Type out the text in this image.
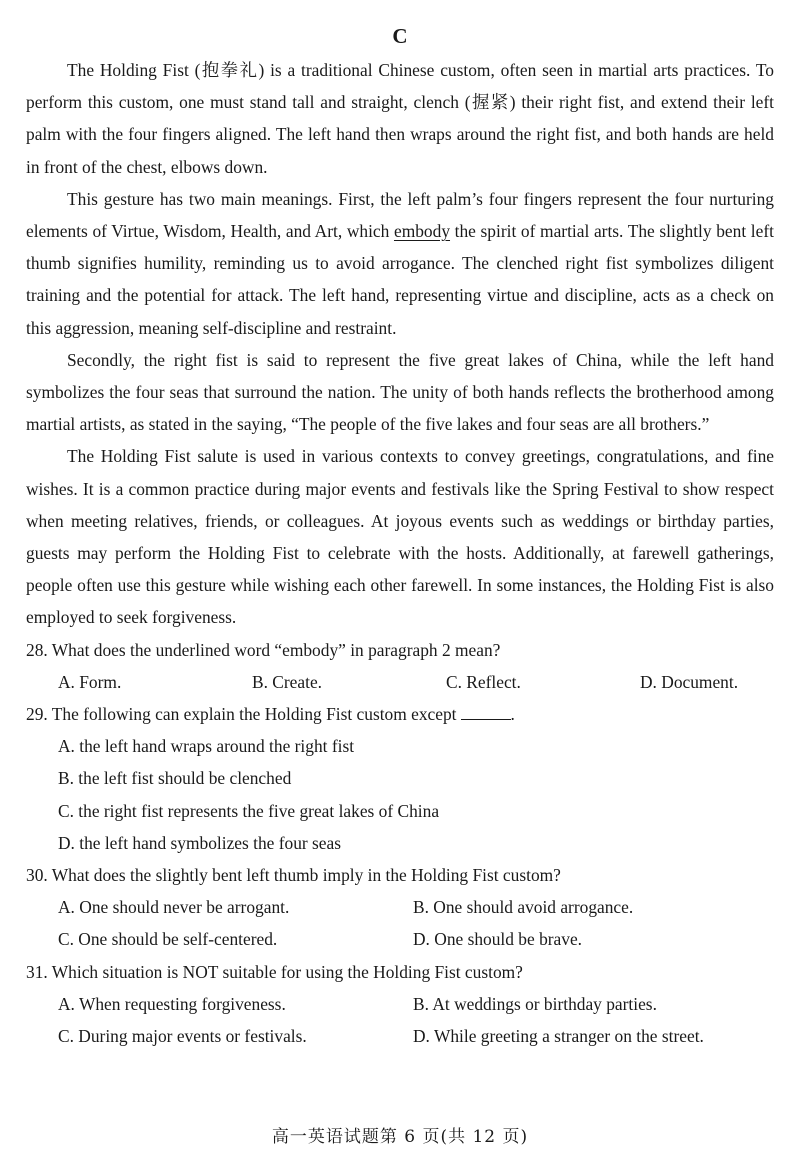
C

The Holding Fist (抱拳礼) is a traditional Chinese custom, often seen in martial arts practices. To perform this custom, one must stand tall and straight, clench (握紧) their right fist, and extend their left palm with the four fingers aligned. The left hand then wraps around the right fist, and both hands are held in front of the chest, elbows down.

This gesture has two main meanings. First, the left palm’s four fingers represent the four nurturing elements of Virtue, Wisdom, Health, and Art, which embody the spirit of martial arts. The slightly bent left thumb signifies humility, reminding us to avoid arrogance. The clenched right fist symbolizes diligent training and the potential for attack. The left hand, representing virtue and discipline, acts as a check on this aggression, meaning self-discipline and restraint.

Secondly, the right fist is said to represent the five great lakes of China, while the left hand symbolizes the four seas that surround the nation. The unity of both hands reflects the brotherhood among martial artists, as stated in the saying, “The people of the five lakes and four seas are all brothers.”

The Holding Fist salute is used in various contexts to convey greetings, congratulations, and fine wishes. It is a common practice during major events and festivals like the Spring Festival to show respect when meeting relatives, friends, or colleagues. At joyous events such as weddings or birthday parties, guests may perform the Holding Fist to celebrate with the hosts. Additionally, at farewell gatherings, people often use this gesture while wishing each other farewell. In some instances, the Holding Fist is also employed to seek forgiveness.

28. What does the underlined word “embody” in paragraph 2 mean?

A. Form.	B. Create.	C. Reflect.	D. Document.

29. The following can explain the Holding Fist custom except	.

A. the left hand wraps around the right fist
B. the left fist should be clenched
C. the right fist represents the five great lakes of China
D. the left hand symbolizes the four seas

30. What does the slightly bent left thumb imply in the Holding Fist custom?

A. One should never be arrogant.	B. One should avoid arrogance.
C. One should be self-centered.	D. One should be brave.

31. Which situation is NOT suitable for using the Holding Fist custom?

A. When requesting forgiveness.	B. At weddings or birthday parties.
C. During major events or festivals.	D. While greeting a stranger on the street.
高一英语试题第 6 页(共 12 页)
